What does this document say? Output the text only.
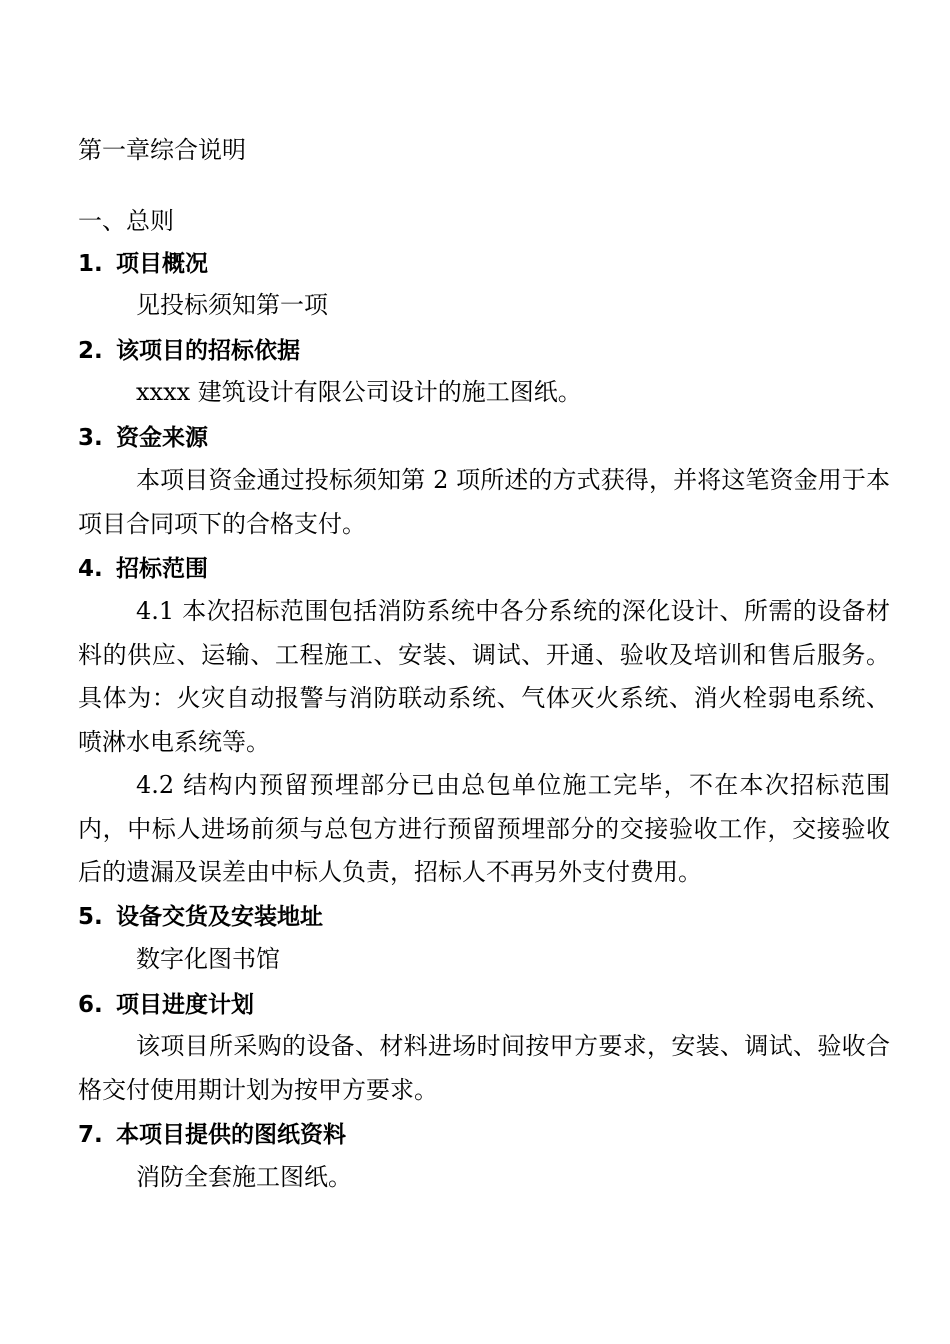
第一章综合说明
一、总则
1. 项目概况

见投标须知第一项

2. 该项目的招标依据

xxxx 建筑设计有限公司设计的施工图纸。

3. 资金来源

本项目资金通过投标须知第 2 项所述的方式获得，并将这笔资金用于本项目合同项下的合格支付。

4. 招标范围

4.1 本次招标范围包括消防系统中各分系统的深化设计、所需的设备材料的供应、运输、工程施工、安装、调试、开通、验收及培训和售后服务。具体为：火灾自动报警与消防联动系统、气体灭火系统、消火栓弱电系统、喷淋水电系统等。

4.2 结构内预留预埋部分已由总包单位施工完毕，不在本次招标范围内，中标人进场前须与总包方进行预留预埋部分的交接验收工作，交接验收后的遗漏及误差由中标人负责，招标人不再另外支付费用。

5. 设备交货及安装地址

数字化图书馆

6. 项目进度计划

该项目所采购的设备、材料进场时间按甲方要求，安装、调试、验收合格交付使用期计划为按甲方要求。

7. 本项目提供的图纸资料

消防全套施工图纸。
